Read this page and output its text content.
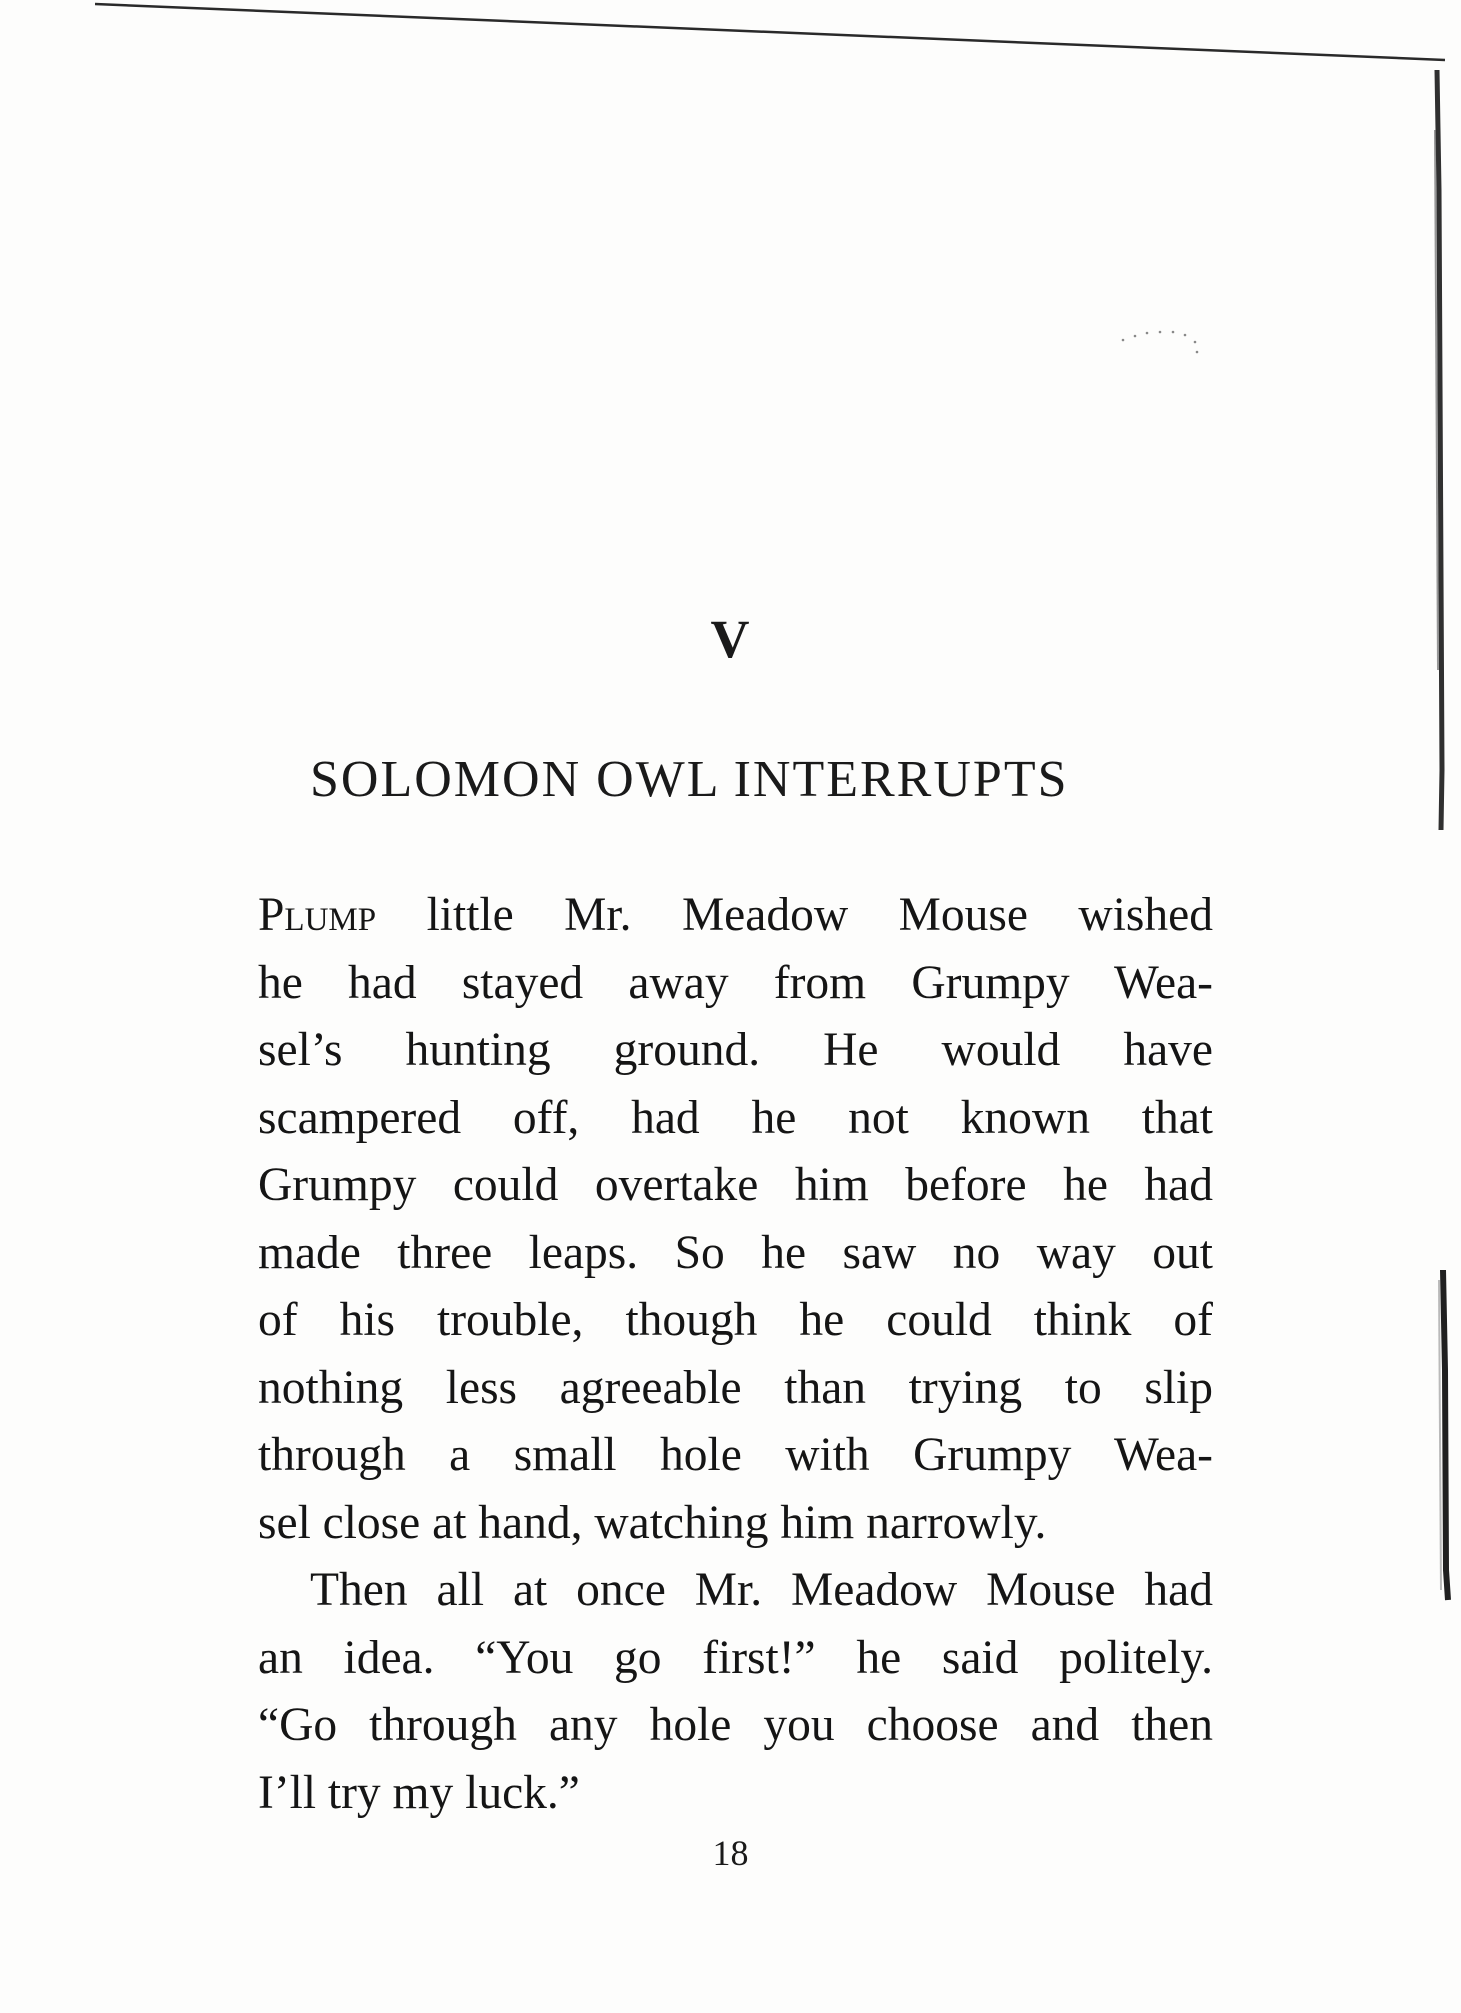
V
SOLOMON OWL INTERRUPTS
Plump little Mr. Meadow Mouse wished
he had stayed away from Grumpy Wea-
sel’s hunting ground. He would have
scampered off, had he not known that
Grumpy could overtake him before he had
made three leaps. So he saw no way out
of his trouble, though he could think of
nothing less agreeable than trying to slip
through a small hole with Grumpy Wea-
sel close at hand, watching him narrowly.
Then all at once Mr. Meadow Mouse had
an idea. “You go first!” he said politely.
“Go through any hole you choose and then
I’ll try my luck.”
18
